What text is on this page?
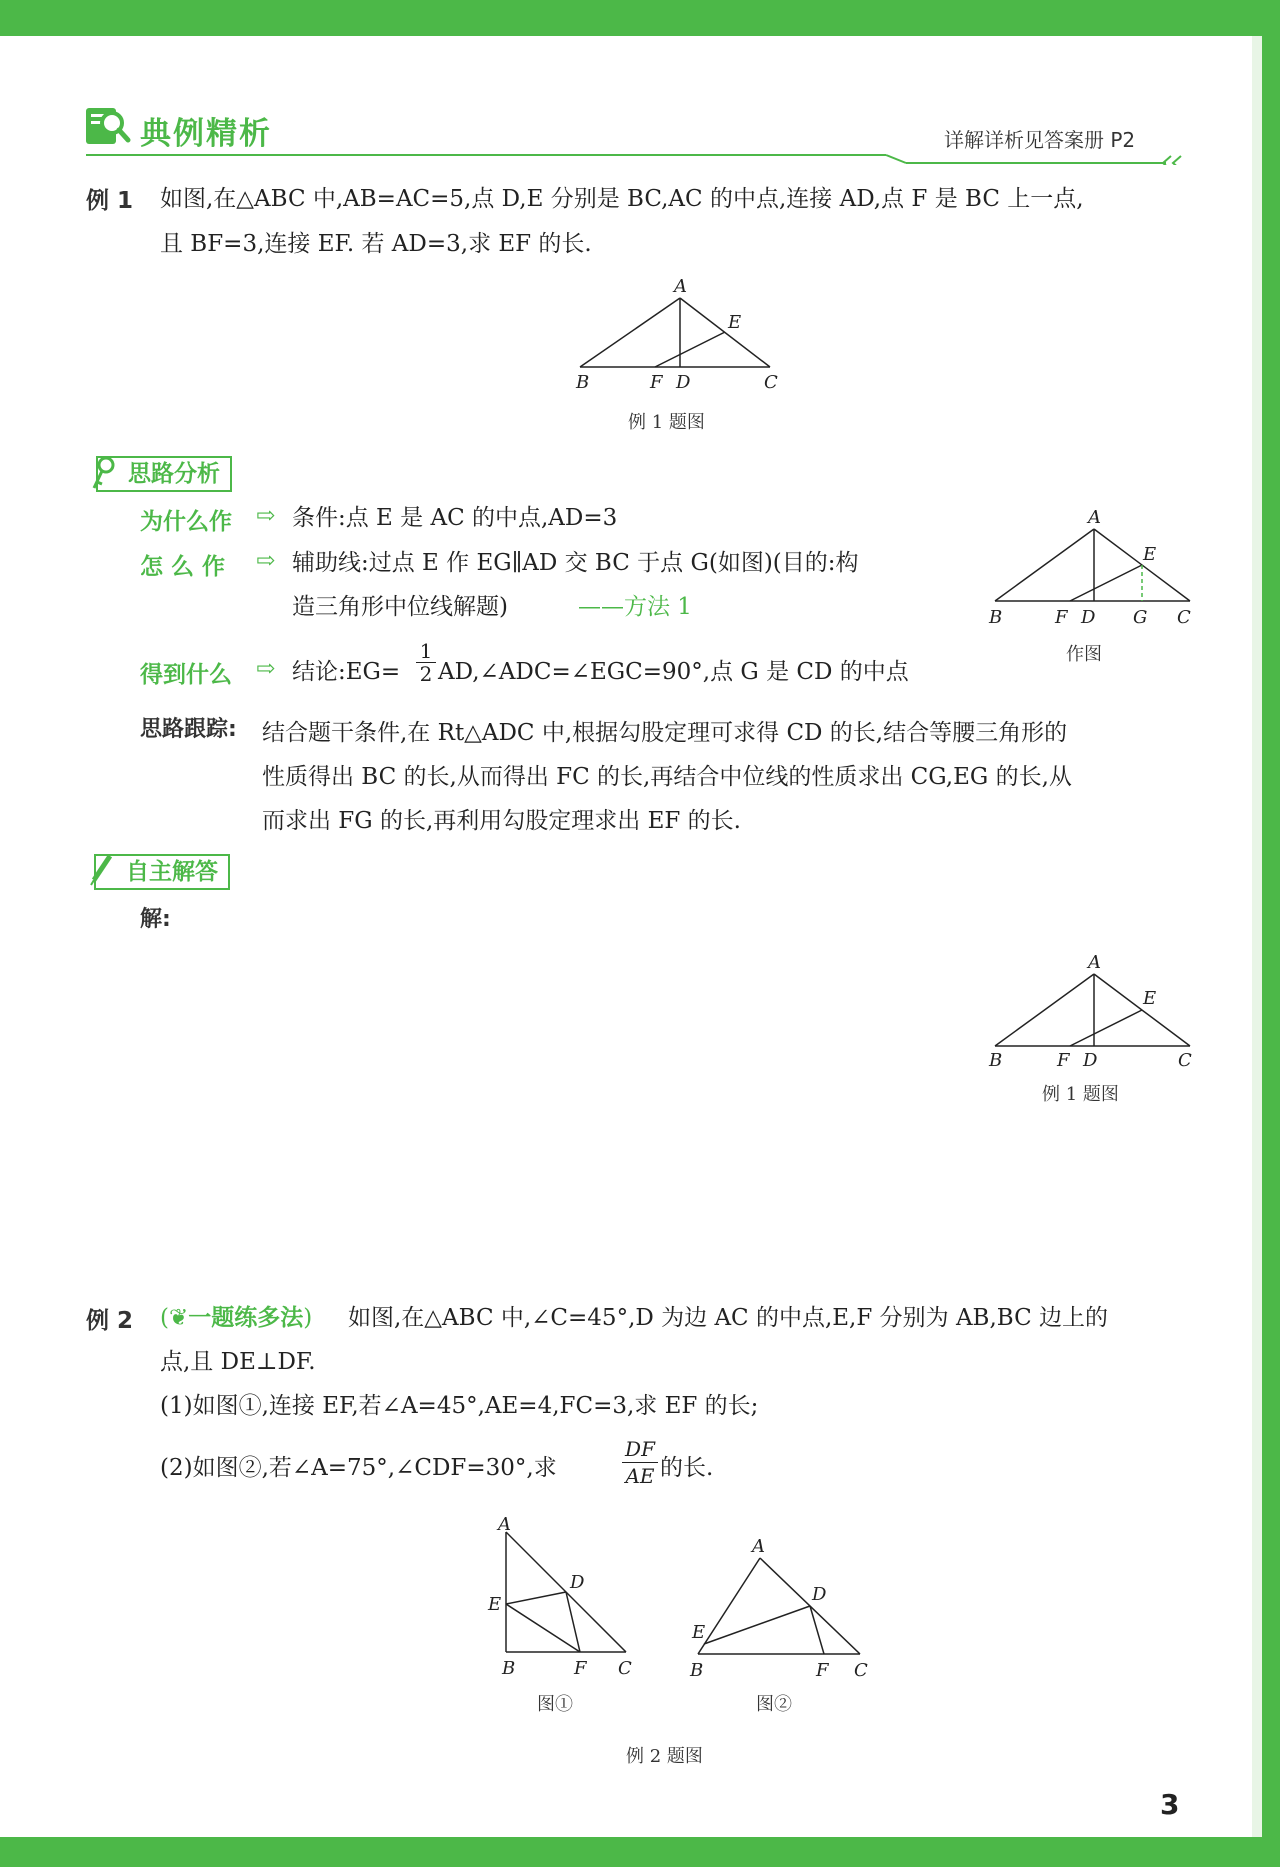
典例精析	详解详析见答案册 P2
例 1 如图,在△ABC 中,AB=AC=5,点 D,E 分别是 BC,AC 的中点,连接 AD,点 F 是 BC 上一点,
且 BF=3,连接 EF. 若 AD=3,求 EF 的长.
A
B	C
D
E
F
例 1 题图
思路分析
为什么作 ⇨ 条件:点 E 是 AC 的中点,AD=3
怎 么 作 ⇨ 辅助线:过点 E 作 EG∥AD 交 BC 于点 G(如图)(目的:构
造三角形中位线解题)	——方法 1
得到什么 ⇨ 结论:EG= $\frac{1}{2}$ AD,∠ADC=∠EGC=90°,点 G 是 CD 的中点
A
B	F D G C
E
作图
思路跟踪: 结合题干条件,在 Rt△ADC 中,根据勾股定理可求得 CD 的长,结合等腰三角形的
性质得出 BC 的长,从而得出 FC 的长,再结合中位线的性质求出 CG,EG 的长,从
而求出 FG 的长,再利用勾股定理求出 EF 的长.
自主解答
解:
A
B	C
D
E
F
例 1 题图
例 2 (❦一题练多法) 如图,在△ABC 中,∠C=45°,D 为边 AC 的中点,E,F 分别为 AB,BC 边上的
点,且 DE⊥DF.
(1)如图①,连接 EF,若∠A=45°,AE=4,FC=3,求 EF 的长;
(2)如图②,若∠A=75°,∠CDF=30°,求	$\frac{DF}{AE}$ 的长.
A
D
E
B	F C
图①
A
D
E
B	F C
图②
例 2 题图
3
